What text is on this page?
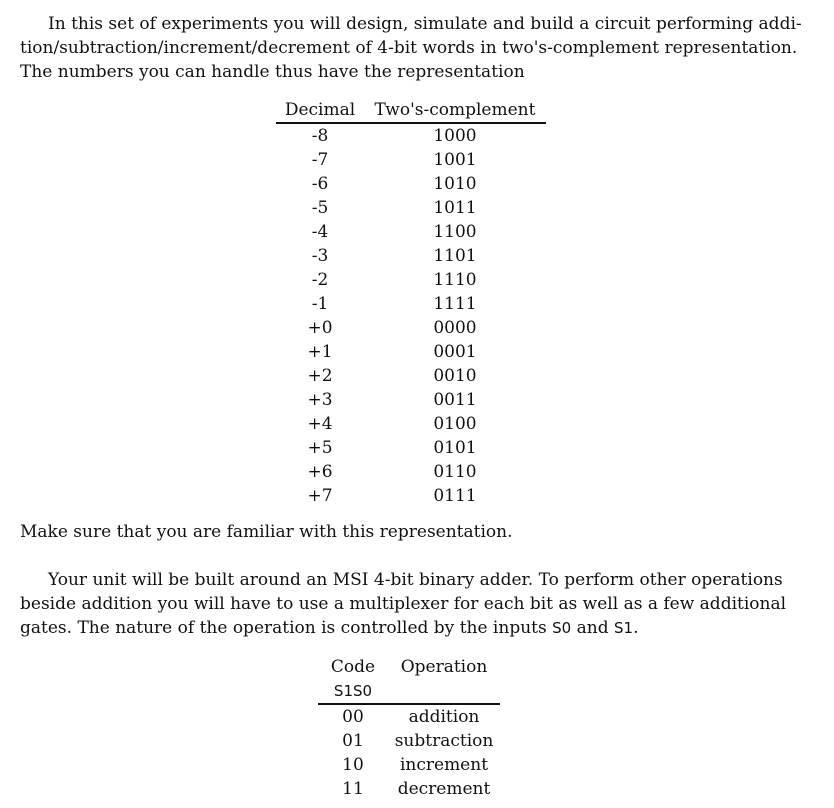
In this set of experiments you will design, simulate and build a circuit performing addi-
tion/subtraction/increment/decrement of 4-bit words in two's-complement representation.
The numbers you can handle thus have the representation
Decimal	Two's-complement
-8	1000
-7	1001
-6	1010
-5	1011
-4	1100
-3	1101
-2	1110
-1	1111
+0	0000
+1	0001
+2	0010
+3	0011
+4	0100
+5	0101
+6	0110
+7	0111

Make sure that you are familiar with this representation.

Your unit will be built around an MSI 4-bit binary adder. To perform other operations
beside addition you will have to use a multiplexer for each bit as well as a few additional
gates. The nature of the operation is controlled by the inputs S0 and S1.
Code	Operation
S1S0	
00	addition
01	subtraction
10	increment
11	decrement
